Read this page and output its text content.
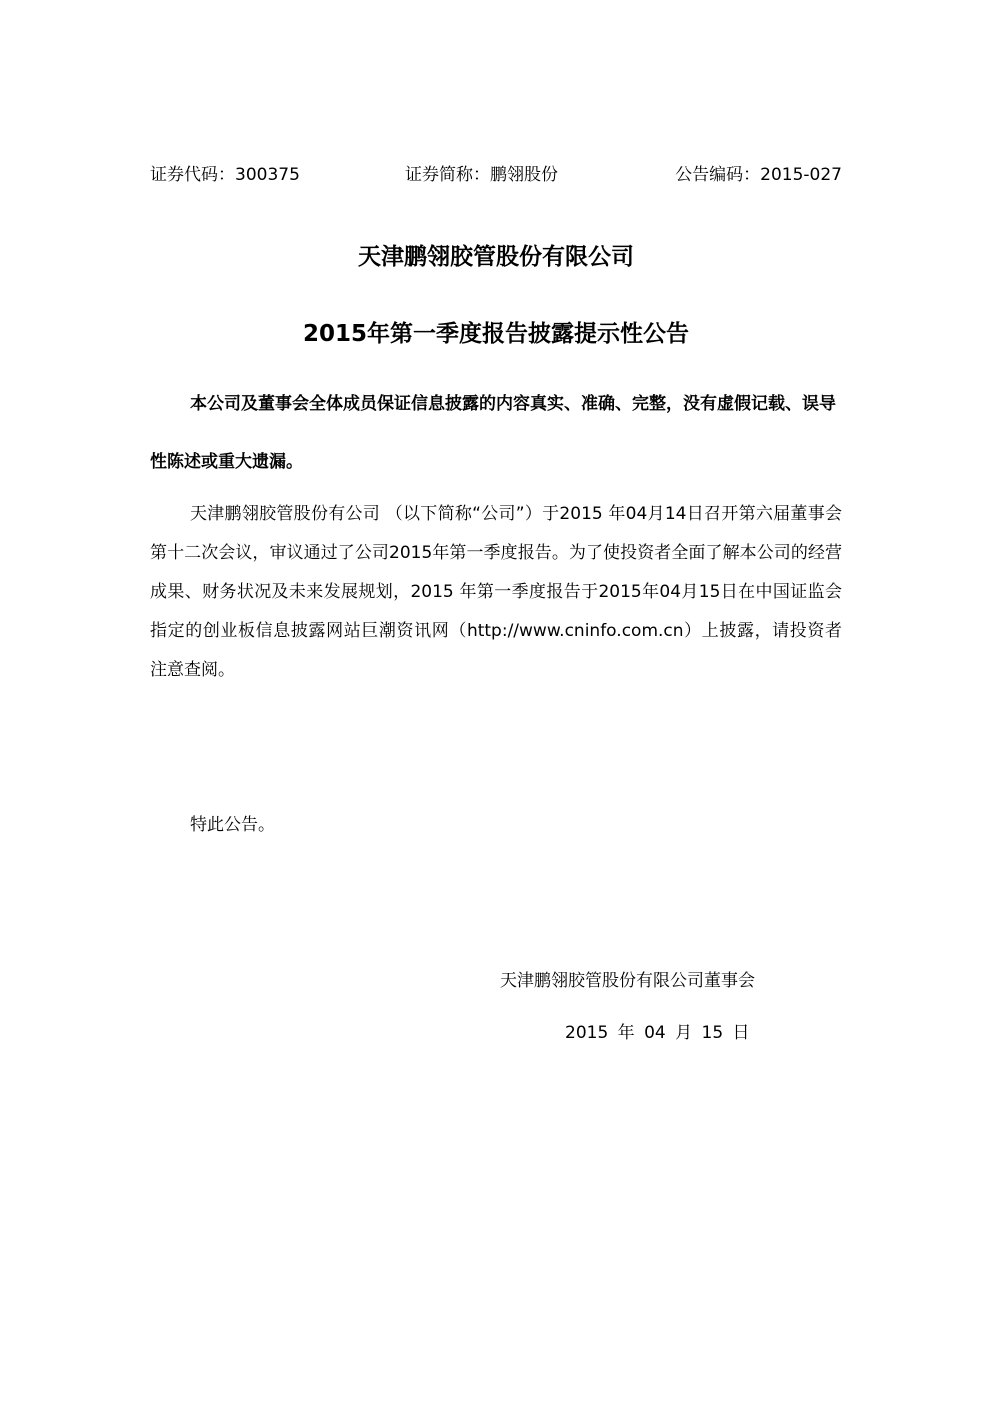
证券代码：300375	证券简称：鹏翎股份	公告编码：2015-027
天津鹏翎胶管股份有限公司
2015年第一季度报告披露提示性公告
本公司及董事会全体成员保证信息披露的内容真实、准确、完整，没有虚假记载、误导性陈述或重大遗漏。
天津鹏翎胶管股份有公司 （以下简称“公司”）于2015 年04月14日召开第六届董事会第十二次会议，审议通过了公司2015年第一季度报告。为了使投资者全面了解本公司的经营成果、财务状况及未来发展规划，2015 年第一季度报告于2015年04月15日在中国证监会指定的创业板信息披露网站巨潮资讯网（http://www.cninfo.com.cn）上披露，请投资者注意查阅。
特此公告。
天津鹏翎胶管股份有限公司董事会
2015 年 04 月 15 日
